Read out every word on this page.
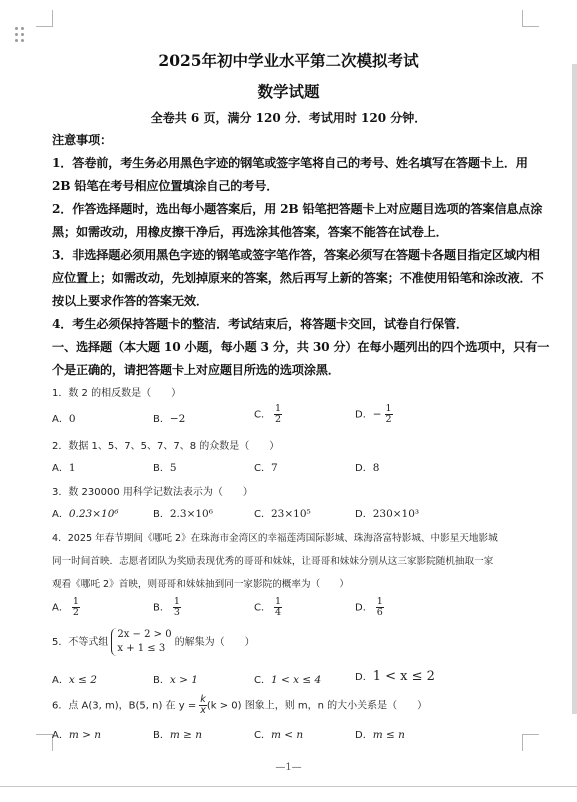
2025年初中学业水平第二次模拟考试
数学试题
全卷共 6 页，满分 120 分．考试用时 120 分钟．
注意事项：
1．答卷前，考生务必用黑色字迹的钢笔或签字笔将自己的考号、姓名填写在答题卡上．用
2B 铅笔在考号相应位置填涂自己的考号．
2．作答选择题时，选出每小题答案后，用 2B 铅笔把答题卡上对应题目选项的答案信息点涂
黑；如需改动，用橡皮擦干净后，再选涂其他答案，答案不能答在试卷上．
3．非选择题必须用黑色字迹的钢笔或签字笔作答，答案必须写在答题卡各题目指定区域内相
应位置上；如需改动，先划掉原来的答案，然后再写上新的答案；不准使用铅笔和涂改液．不
按以上要求作答的答案无效．
4．考生必须保持答题卡的整洁．考试结束后，将答题卡交回，试卷自行保管．
一、选择题（本大题 10 小题，每小题 3 分，共 30 分）在每小题列出的四个选项中，只有一
个是正确的，请把答题卡上对应题目所选的选项涂黑．
1．数 2 的相反数是（　　）
A．0	B．−2	C． $\frac{1}{2}$	D．− $\frac{1}{2}$
2．数据 1、5、7、5、7、7、8 的众数是（　　）
A．1	B．5	C．7	D．8
3．数 230000 用科学记数法表示为（　　）
A．0.23×10⁶	B．2.3×10⁶	C．23×10⁵	D．230×10³
4．2025 年春节期间《哪吒 2》在珠海市金湾区的幸福莲湾国际影城、珠海洛富特影城、中影星天地影城
同一时间首映．志愿者团队为奖励表现优秀的哥哥和妹妹，让哥哥和妹妹分别从这三家影院随机抽取一家
观看《哪吒 2》首映，则哥哥和妹妹抽到同一家影院的概率为（　　）
A． $\frac{1}{2}$	B． $\frac{1}{3}$	C． $\frac{1}{4}$	D． $\frac{1}{6}$
5．不等式组
2x − 2 > 0
x + 1 ≤ 3
的解集为（　　）
A．x ≤ 2	B．x > 1	C．1 < x ≤ 4	D．1 < x ≤ 2
6．点 A(3, m)，B(5, n) 在 $y = \frac{k}{x} (k > 0)$ 图象上，则 m，n 的大小关系是（　　）
A．m > n	B．m ≥ n	C．m < n	D．m ≤ n
—1—
